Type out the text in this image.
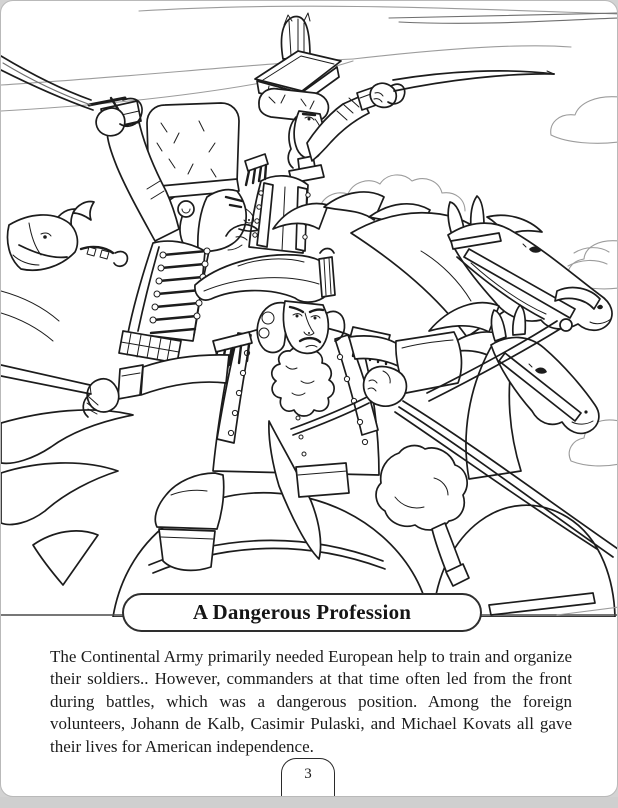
A Dangerous Profession
The Continental Army primarily needed European help to train and organize their soldiers.. However, commanders at that time often led from the front during battles, which was a dangerous position. Among the foreign volunteers, Johann de Kalb, Casimir Pulaski, and Michael Kovats all gave their lives for American independence.
3
